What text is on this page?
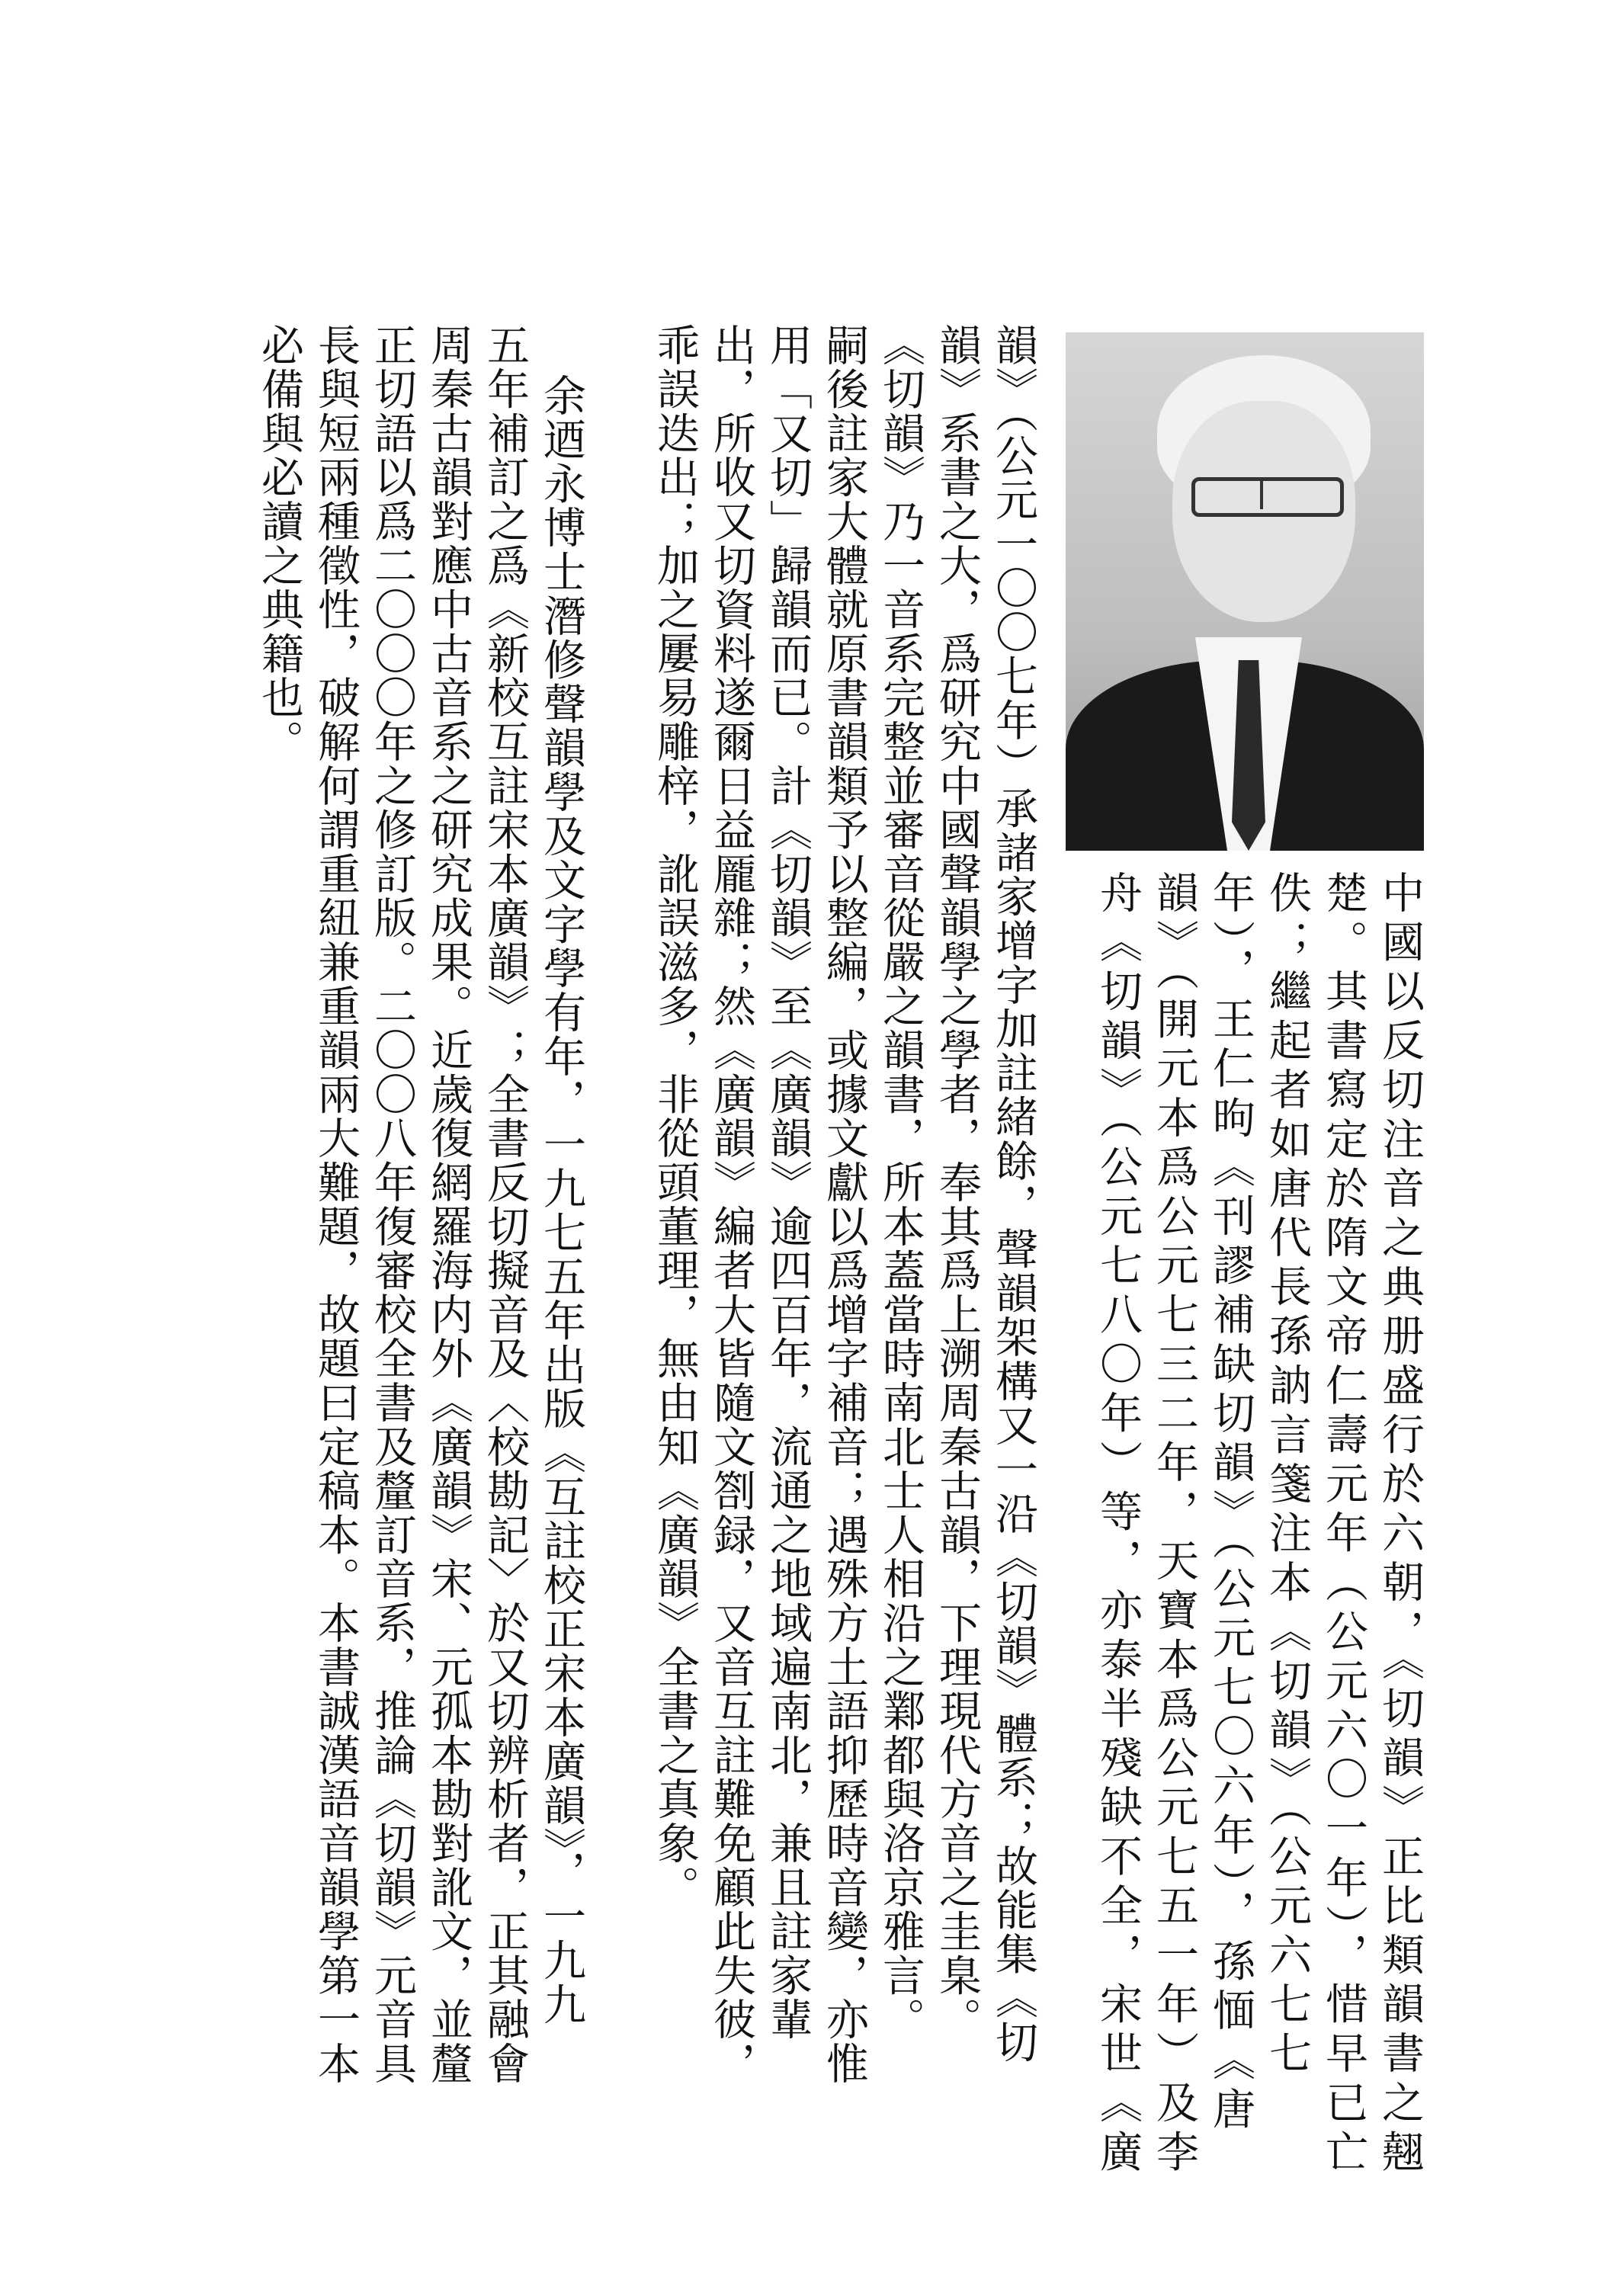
中國以反切注音之典册盛行於六朝，《切韻》正比類韻書之翹
楚。其書寫定於隋文帝仁壽元年（公元六〇一年），惜早已亡
佚；繼起者如唐代長孫訥言箋注本《切韻》（公元六七七
年），王仁昫《刊謬補缺切韻》（公元七〇六年），孫愐《唐
韻》（開元本爲公元七三二年，天寶本爲公元七五一年）及李
舟《切韻》（公元七八〇年）等，亦泰半殘缺不全，宋世《廣
韻》（公元一〇〇七年）承諸家增字加註緒餘，聲韻架構又一沿《切韻》體系；故能集《切
韻》系書之大，爲研究中國聲韻學之學者，奉其爲上溯周秦古韻，下理現代方音之圭臬。
《切韻》乃一音系完整並審音從嚴之韻書，所本蓋當時南北士人相沿之鄴都與洛京雅言。
嗣後註家大體就原書韻類予以整編，或據文獻以爲增字補音；遇殊方土語抑歷時音變，亦惟
用「又切」歸韻而已。計《切韻》至《廣韻》逾四百年，流通之地域遍南北，兼且註家輩
出，所收又切資料遂爾日益龎雜；然《廣韻》編者大皆隨文劄録，又音互註難免顧此失彼，
乖誤迭出；加之屢易雕梓，訛誤滋多，非從頭董理，無由知《廣韻》全書之真象。
余迺永博士潛修聲韻學及文字學有年，一九七五年出版《互註校正宋本廣韻》，一九九
五年補訂之爲《新校互註宋本廣韻》；全書反切擬音及〈校勘記〉於又切辨析者，正其融會
周秦古韻對應中古音系之研究成果。近歲復網羅海内外《廣韻》宋、元孤本勘對訛文，並釐
正切語以爲二〇〇〇年之修訂版。二〇〇八年復審校全書及釐訂音系，推論《切韻》元音具
長與短兩種徵性，破解何謂重紐兼重韻兩大難題，故題曰定稿本。本書誠漢語音韻學第一本
必備與必讀之典籍也。
